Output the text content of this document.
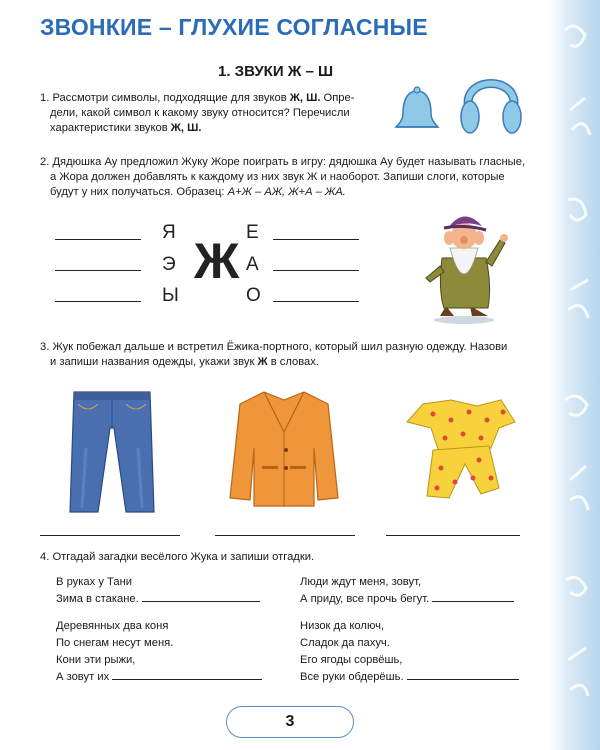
ЗВОНКИЕ – ГЛУХИЕ СОГЛАСНЫЕ
1. ЗВУКИ Ж – Ш
1. Рассмотри символы, подходящие для звуков Ж, Ш. Опре-
дели, какой символ к какому звуку относится? Перечисли
характеристики звуков Ж, Ш.
2. Дядюшка Ау предложил Жуку Жоре поиграть в игру: дядюшка Ау будет называть гласные,
а Жора должен добавлять к каждому из них звук Ж и наоборот. Запиши слоги, которые
будут у них получаться. Образец: А+Ж – АЖ, Ж+А – ЖА.
Я
Э
Ы
Ж
Е
А
О
3. Жук побежал дальше и встретил Ёжика-портного, который шил разную одежду. Назови
и запиши названия одежды, укажи звук Ж в словах.
4. Отгадай загадки весёлого Жука и запиши отгадки.
В руках у Тани
Зима в стакане.
Люди ждут меня, зовут,
А приду, все прочь бегут.
Деревянных два коня
По снегам несут меня.
Кони эти рыжи,
А зовут их
Низок да колюч,
Сладок да пахуч.
Его ягоды сорвёшь,
Все руки обдерёшь.
3
